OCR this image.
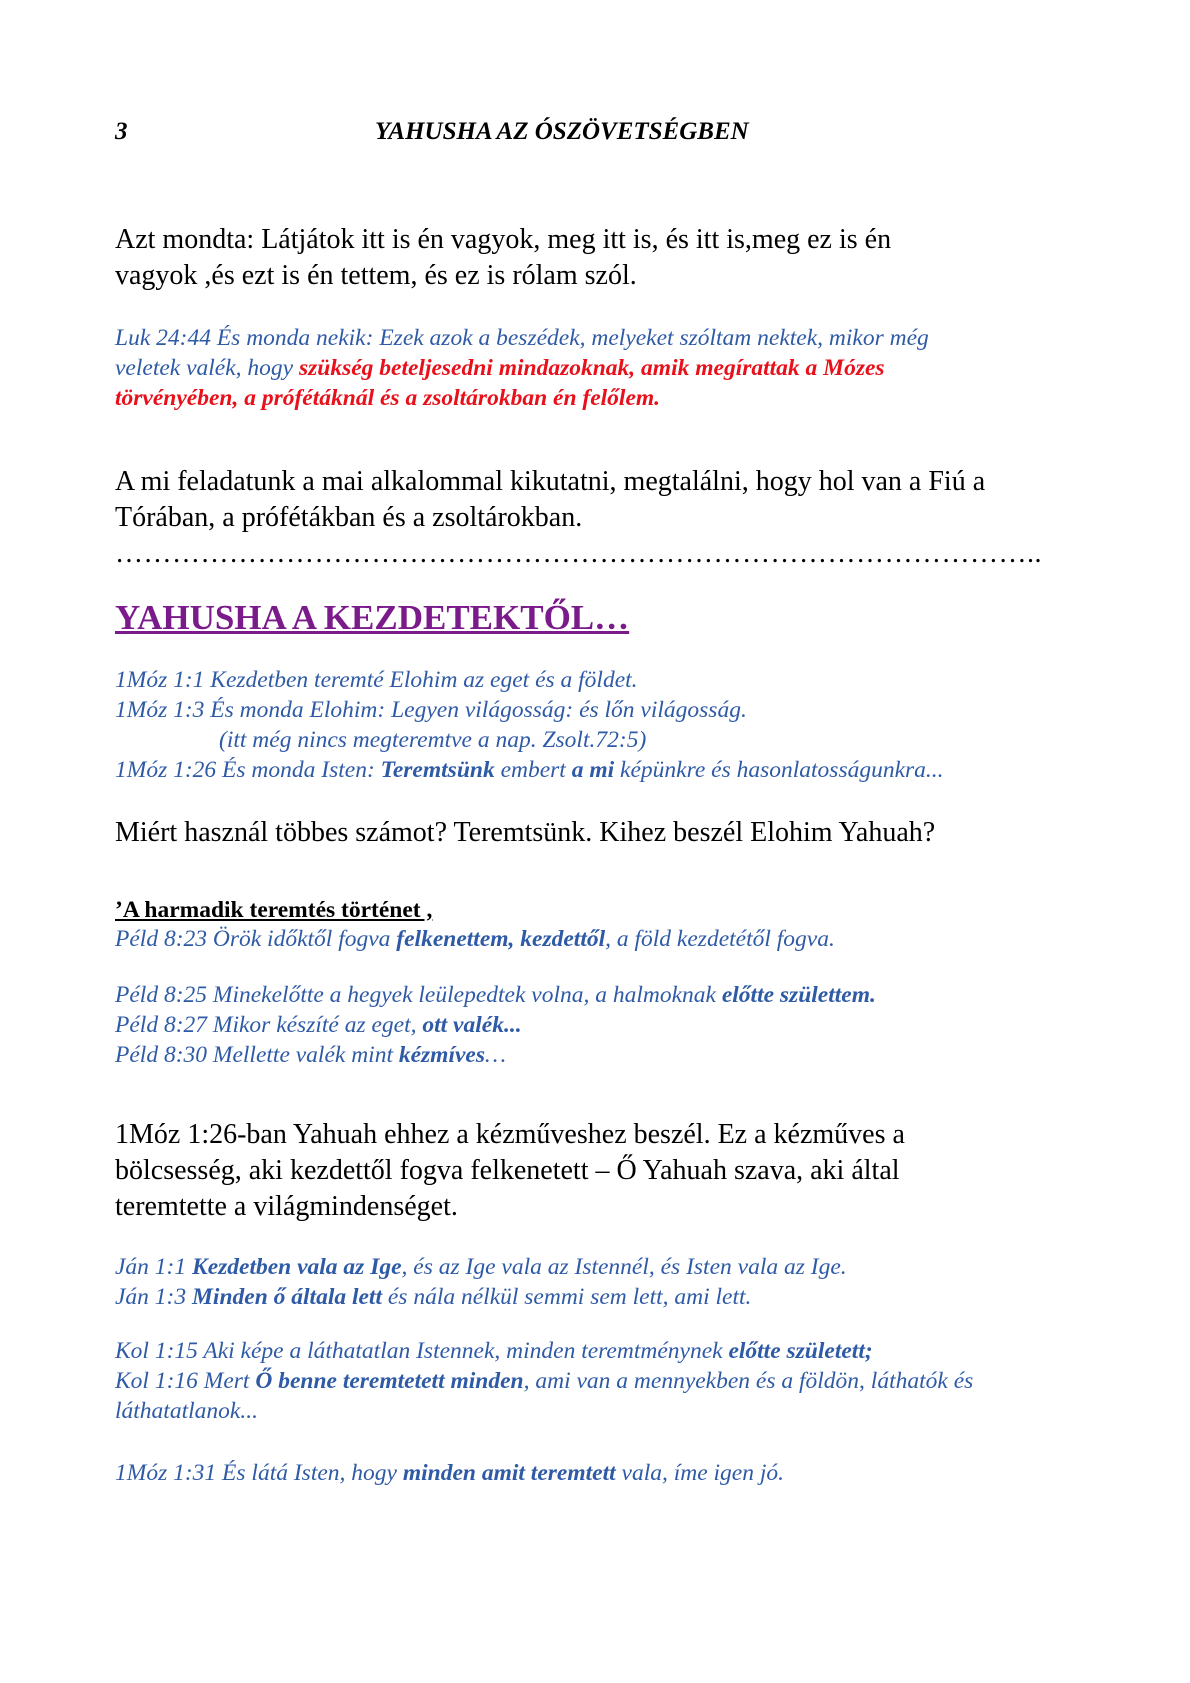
3	YAHUSHA AZ ÓSZÖVETSÉGBEN
Azt mondta: Látjátok itt is én vagyok, meg itt is, és itt is,meg ez is én
vagyok ,és ezt is én tettem, és ez is rólam szól.
Luk 24:44 És monda nekik: Ezek azok a beszédek, melyeket szóltam nektek, mikor még
veletek valék, hogy szükség beteljesedni mindazoknak, amik megírattak a Mózes
törvényében, a prófétáknál és a zsoltárokban én felőlem.
A mi feladatunk a mai alkalommal kikutatni, megtalálni, hogy hol van a Fiú a
Tórában, a prófétákban és a zsoltárokban.
……………………………………………………………………………………..
YAHUSHA A KEZDETEKTŐL…
1Móz 1:1 Kezdetben teremté Elohim az eget és a földet.
1Móz 1:3 És monda Elohim: Legyen világosság: és lőn világosság.
(itt még nincs megteremtve a nap. Zsolt.72:5)
1Móz 1:26 És monda Isten: Teremtsünk embert a mi képünkre és hasonlatosságunkra...
Miért használ többes számot? Teremtsünk. Kihez beszél Elohim Yahuah?
’A harmadik teremtés történet ,
Péld 8:23 Örök időktől fogva felkenettem, kezdettől, a föld kezdetétől fogva.
Péld 8:25 Minekelőtte a hegyek leülepedtek volna, a halmoknak előtte születtem.
Péld 8:27 Mikor készíté az eget, ott valék...
Péld 8:30 Mellette valék mint kézmíves…
1Móz 1:26-ban Yahuah ehhez a kézműveshez beszél. Ez a kézműves a
bölcsesség, aki kezdettől fogva felkenetett – Ő Yahuah szava, aki által
teremtette a világmindenséget.
Ján 1:1 Kezdetben vala az Ige, és az Ige vala az Istennél, és Isten vala az Ige.
Ján 1:3 Minden ő általa lett és nála nélkül semmi sem lett, ami lett.
Kol 1:15 Aki képe a láthatatlan Istennek, minden teremtménynek előtte született;
Kol 1:16 Mert Ő benne teremtetett minden, ami van a mennyekben és a földön, láthatók és
láthatatlanok...
1Móz 1:31 És látá Isten, hogy minden amit teremtett vala, íme igen jó.
